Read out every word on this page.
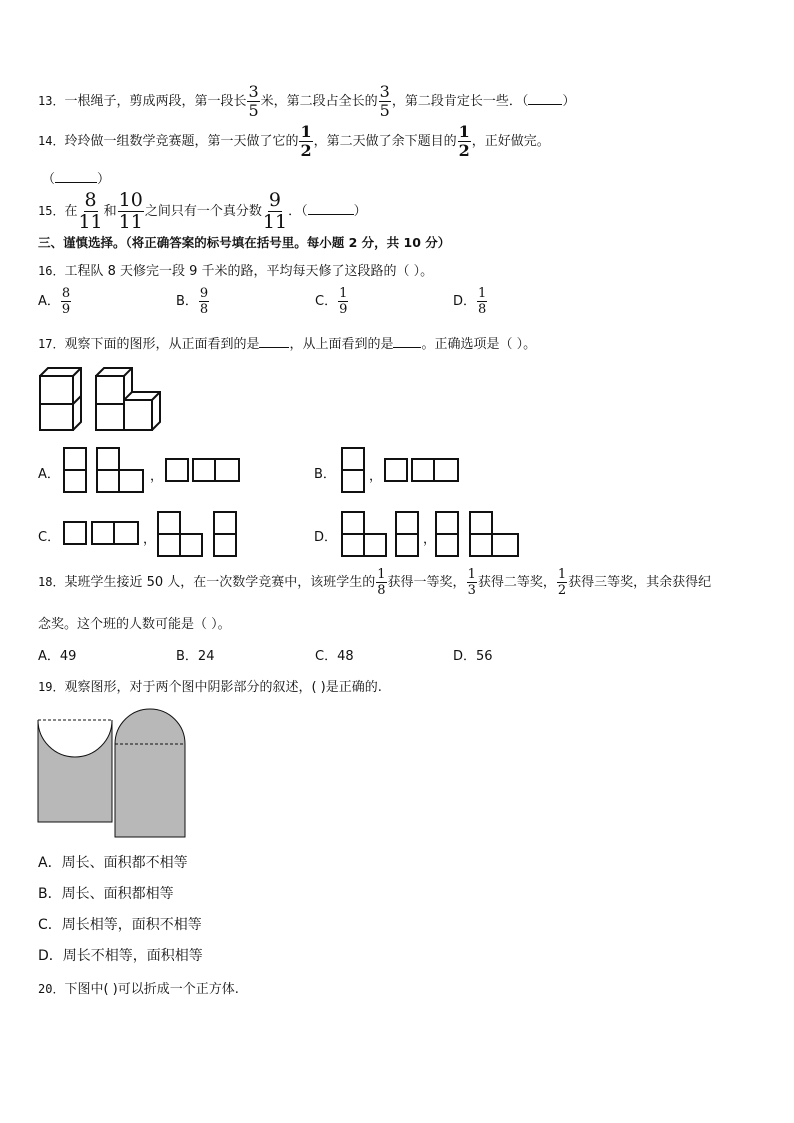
13．一根绳子，剪成两段，第一段长 $\frac{3}{5}$ 米，第二段占全长的 $\frac{3}{5}$ ，第二段肯定长一些．（	）
14．玲玲做一组数学竞赛题，第一天做了它的 $\frac{1}{2}$ ，第二天做了余下题目的 $\frac{1}{2}$ ，正好做完。
（	）
15．在 $\frac{8}{11}$ 和 $\frac{10}{11}$ 之间只有一个真分数 $\frac{9}{11}$ ．（	）
三、谨慎选择。（将正确答案的标号填在括号里。每小题 2 分，共 10 分）
16．工程队 8 天修完一段 9 千米的路，平均每天修了这段路的（ ）。
A． $\frac{8}{9}$	B． $\frac{9}{8}$	C． $\frac{1}{9}$	D． $\frac{1}{8}$
17．观察下面的图形，从正面看到的是 ，从上面看到的是 。正确选项是（ ）。
A．	，	B．	，
C．	，	D．	，
18．某班学生接近 50 人，在一次数学竞赛中，该班学生的 $\frac{1}{8}$ 获得一等奖， $\frac{1}{3}$ 获得二等奖， $\frac{1}{2}$ 获得三等奖，其余获得纪
念奖。这个班的人数可能是（ ）。
A．49	B．24	C．48	D．56
19．观察图形，对于两个图中阴影部分的叙述，( )是正确的.
A．周长、面积都不相等
B．周长、面积都相等
C．周长相等，面积不相等
D．周长不相等，面积相等
20．下图中( )可以折成一个正方体.
